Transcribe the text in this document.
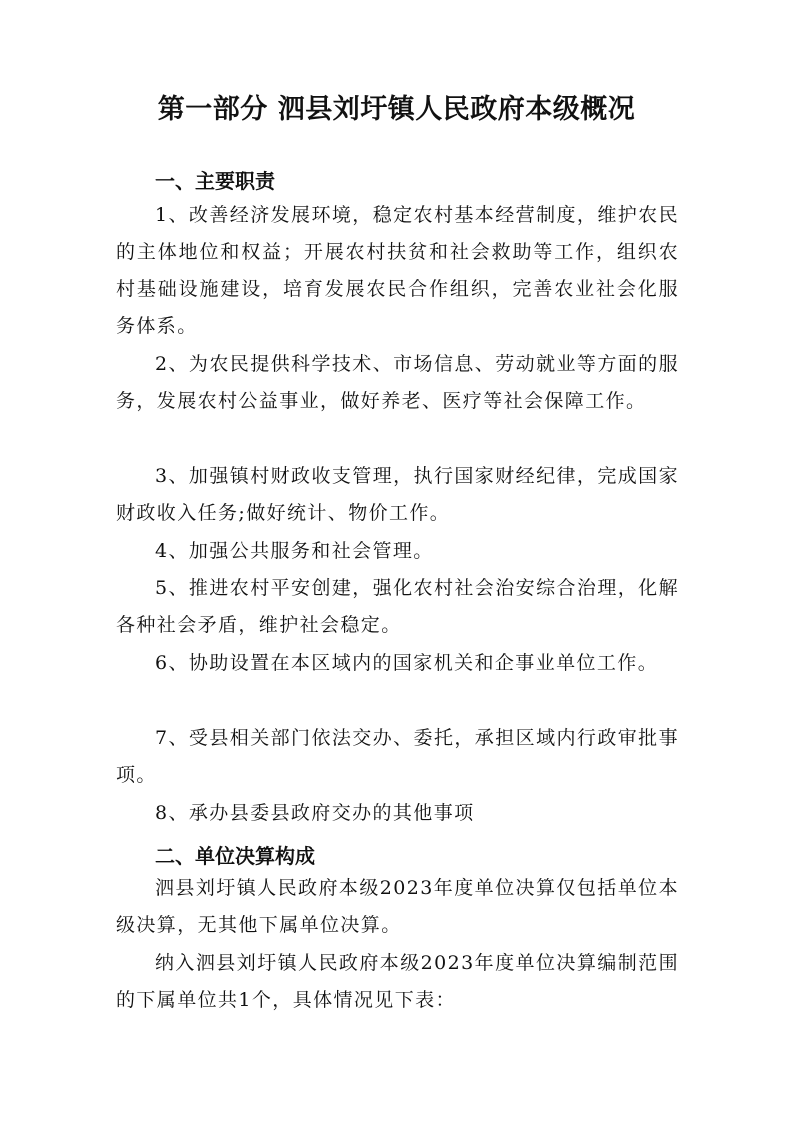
第一部分 泗县刘圩镇人民政府本级概况
一、主要职责

1、改善经济发展环境，稳定农村基本经营制度，维护农民的主体地位和权益；开展农村扶贫和社会救助等工作，组织农村基础设施建设，培育发展农民合作组织，完善农业社会化服务体系。

2、为农民提供科学技术、市场信息、劳动就业等方面的服务，发展农村公益事业，做好养老、医疗等社会保障工作。

3、加强镇村财政收支管理，执行国家财经纪律，完成国家财政收入任务;做好统计、物价工作。

4、加强公共服务和社会管理。

5、推进农村平安创建，强化农村社会治安综合治理，化解各种社会矛盾，维护社会稳定。

6、协助设置在本区域内的国家机关和企事业单位工作。

7、受县相关部门依法交办、委托，承担区域内行政审批事项。

8、承办县委县政府交办的其他事项

二、单位决算构成

泗县刘圩镇人民政府本级2023年度单位决算仅包括单位本级决算，无其他下属单位决算。

纳入泗县刘圩镇人民政府本级2023年度单位决算编制范围的下属单位共1个，具体情况见下表：
